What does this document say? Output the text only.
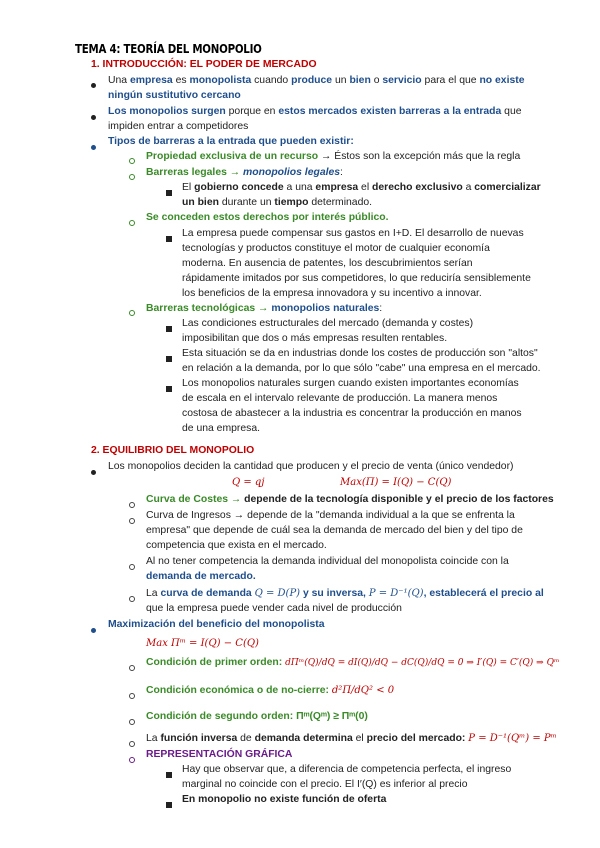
TEMA 4: TEORÍA DEL MONOPOLIO
1. INTRODUCCIÓN: EL PODER DE MERCADO
Una empresa es monopolista cuando produce un bien o servicio para el que no existe
ningún sustitutivo cercano
Los monopolios surgen porque en estos mercados existen barreras a la entrada que
impiden entrar a competidores
Tipos de barreras a la entrada que pueden existir:
Propiedad exclusiva de un recurso → Éstos son la excepción más que la regla
Barreras legales → monopolios legales:
El gobierno concede a una empresa el derecho exclusivo a comercializar
un bien durante un tiempo determinado.
Se conceden estos derechos por interés público.
La empresa puede compensar sus gastos en I+D. El desarrollo de nuevas
tecnologías y productos constituye el motor de cualquier economía
moderna. En ausencia de patentes, los descubrimientos serían
rápidamente imitados por sus competidores, lo que reduciría sensiblemente
los beneficios de la empresa innovadora y su incentivo a innovar.
Barreras tecnológicas → monopolios naturales:
Las condiciones estructurales del mercado (demanda y costes)
imposibilitan que dos o más empresas resulten rentables.
Esta situación se da en industrias donde los costes de producción son "altos"
en relación a la demanda, por lo que sólo "cabe" una empresa en el mercado.
Los monopolios naturales surgen cuando existen importantes economías
de escala en el intervalo relevante de producción. La manera menos
costosa de abastecer a la industria es concentrar la producción en manos
de una empresa.
2. EQUILIBRIO DEL MONOPOLIO
Los monopolios deciden la cantidad que producen y el precio de venta (único vendedor)
Q = qj	Max(Π) = I(Q) − C(Q)
Curva de Costes → depende de la tecnología disponible y el precio de los factores
Curva de Ingresos → depende de la "demanda individual a la que se enfrenta la
empresa" que depende de cuál sea la demanda de mercado del bien y del tipo de
competencia que exista en el mercado.
Al no tener competencia la demanda individual del monopolista coincide con la
demanda de mercado.
La curva de demanda Q = D(P) y su inversa, P = D⁻¹(Q), establecerá el precio al
que la empresa puede vender cada nivel de producción
Maximización del beneficio del monopolista
Max Πᵐ = I(Q) − C(Q)
Condición de primer orden: dΠᵐ(Q)/dQ = dI(Q)/dQ − dC(Q)/dQ = 0 ⇒ I′(Q) = C′(Q) ⇒ Qᵐ
Condición económica o de no-cierre: d²Π/dQ² < 0
Condición de segundo orden: Πᵐ(Qᵐ) ≥ Πᵐ(0)
La función inversa de demanda determina el precio del mercado: P = D⁻¹(Qᵐ) = Pᵐ
REPRESENTACIÓN GRÁFICA
Hay que observar que, a diferencia de competencia perfecta, el ingreso
marginal no coincide con el precio. El I′(Q) es inferior al precio
En monopolio no existe función de oferta
